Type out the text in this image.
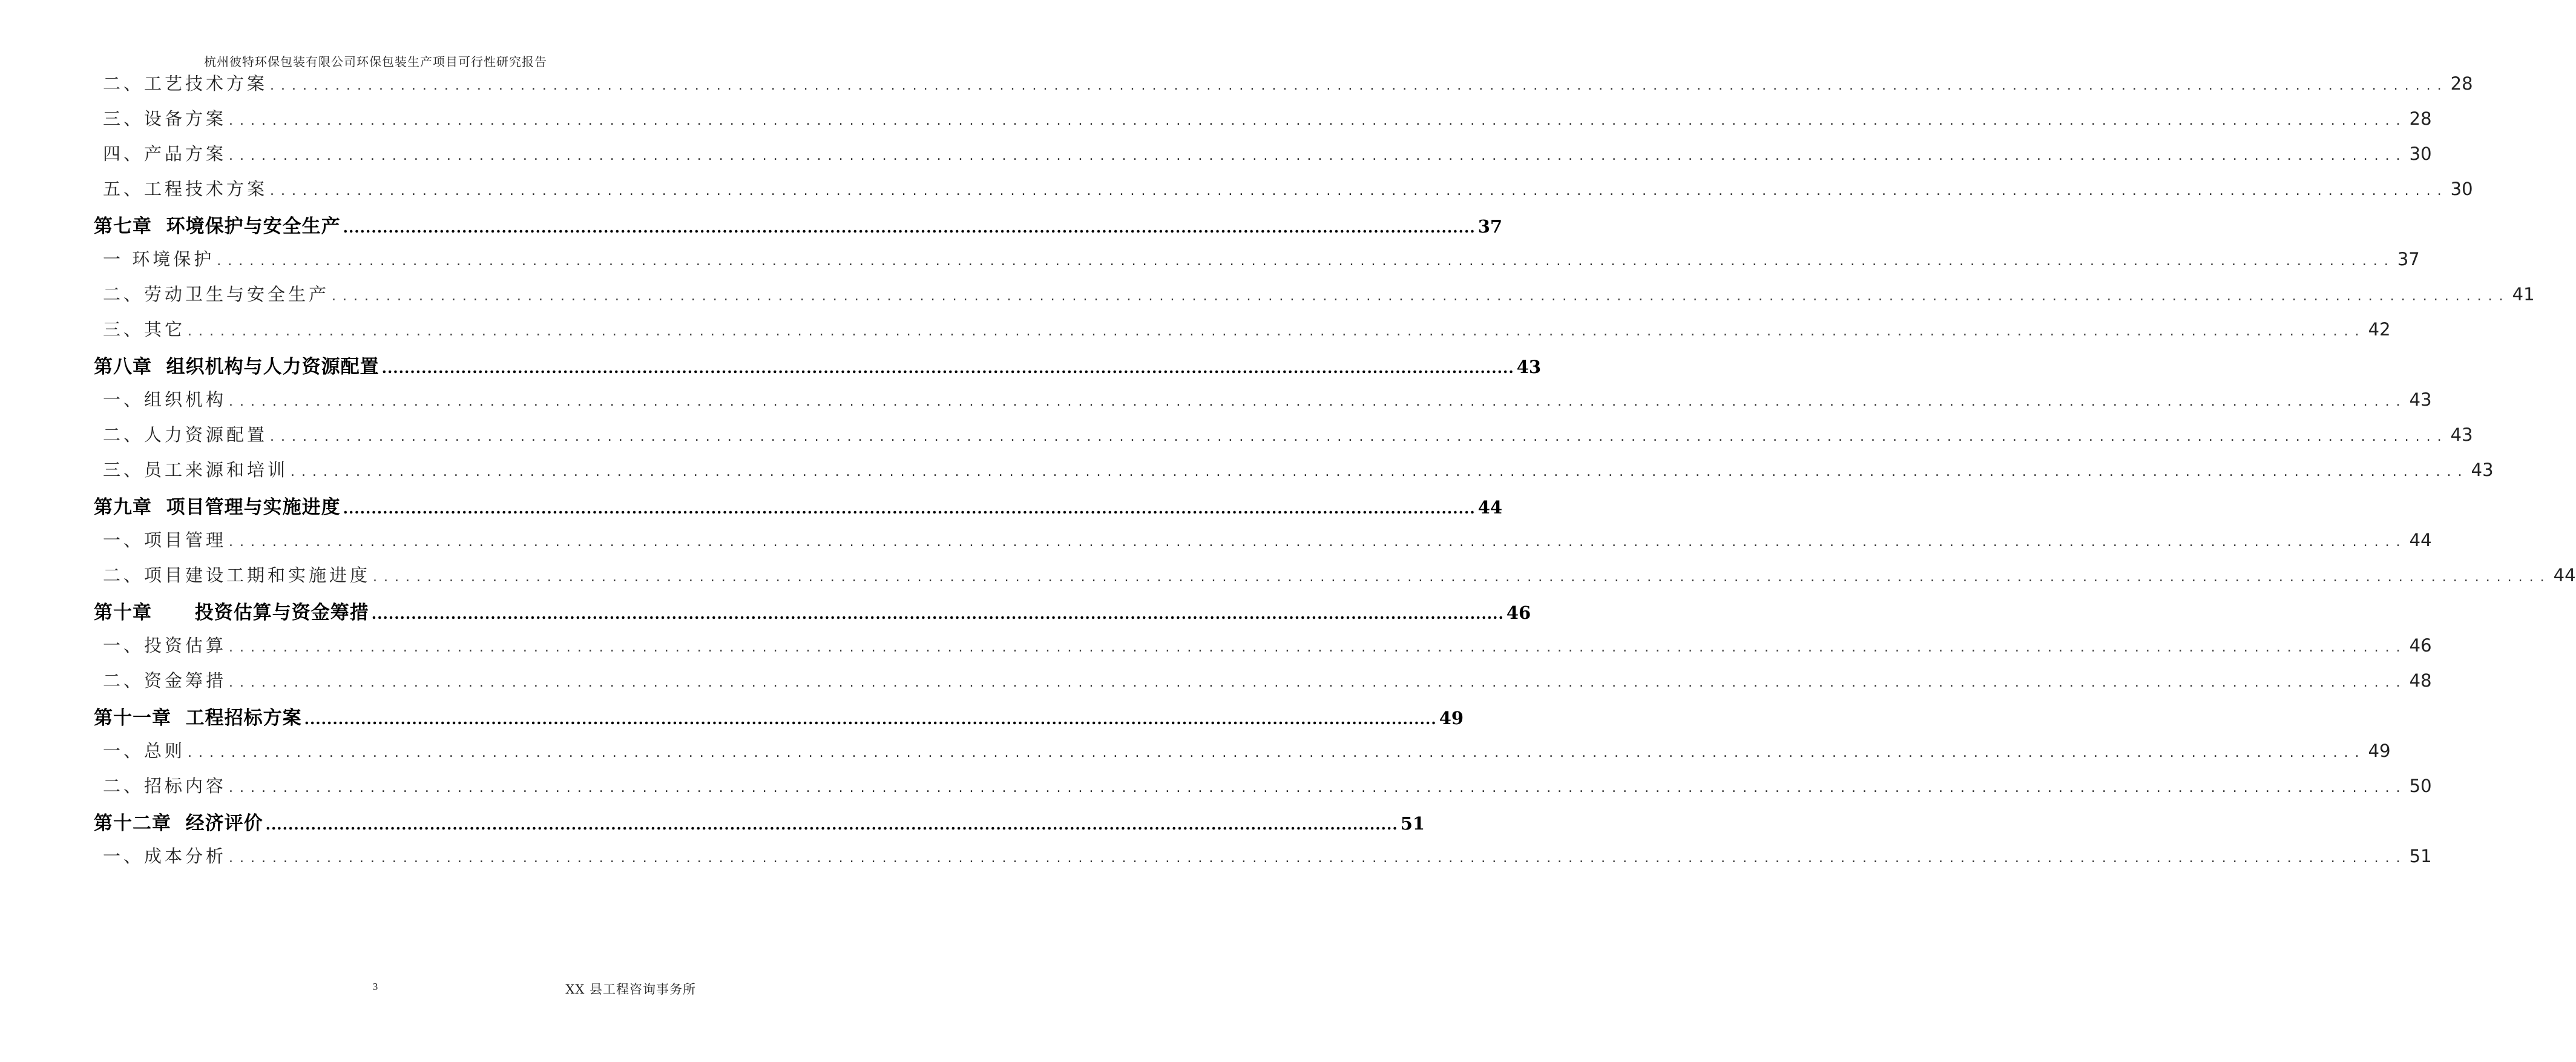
杭州彼特环保包装有限公司环保包装生产项目可行性研究报告
二、工艺技术方案 ........................................................................................................................................................................................................ 28
三、设备方案 ........................................................................................................................................................................................................ 28
四、产品方案 ........................................................................................................................................................................................................ 30
五、工程技术方案 ........................................................................................................................................................................................................ 30
第七章  环境保护与安全生产 ........................................................................................................................................................................................................ 37
一 环境保护 ........................................................................................................................................................................................................ 37
二、劳动卫生与安全生产 ........................................................................................................................................................................................................ 41
三、其它 ........................................................................................................................................................................................................ 42
第八章  组织机构与人力资源配置 ........................................................................................................................................................................................................ 43
一、组织机构 ........................................................................................................................................................................................................ 43
二、人力资源配置 ........................................................................................................................................................................................................ 43
三、员工来源和培训 ........................................................................................................................................................................................................ 43
第九章  项目管理与实施进度 ........................................................................................................................................................................................................ 44
一、项目管理 ........................................................................................................................................................................................................ 44
二、项目建设工期和实施进度 ........................................................................................................................................................................................................ 44
第十章      投资估算与资金筹措 ........................................................................................................................................................................................................ 46
一、投资估算 ........................................................................................................................................................................................................ 46
二、资金筹措 ........................................................................................................................................................................................................ 48
第十一章  工程招标方案 ........................................................................................................................................................................................................ 49
一、总则 ........................................................................................................................................................................................................ 49
二、招标内容 ........................................................................................................................................................................................................ 50
第十二章  经济评价 ........................................................................................................................................................................................................ 51
一、成本分析 ........................................................................................................................................................................................................ 51
3	XX 县工程咨询事务所
